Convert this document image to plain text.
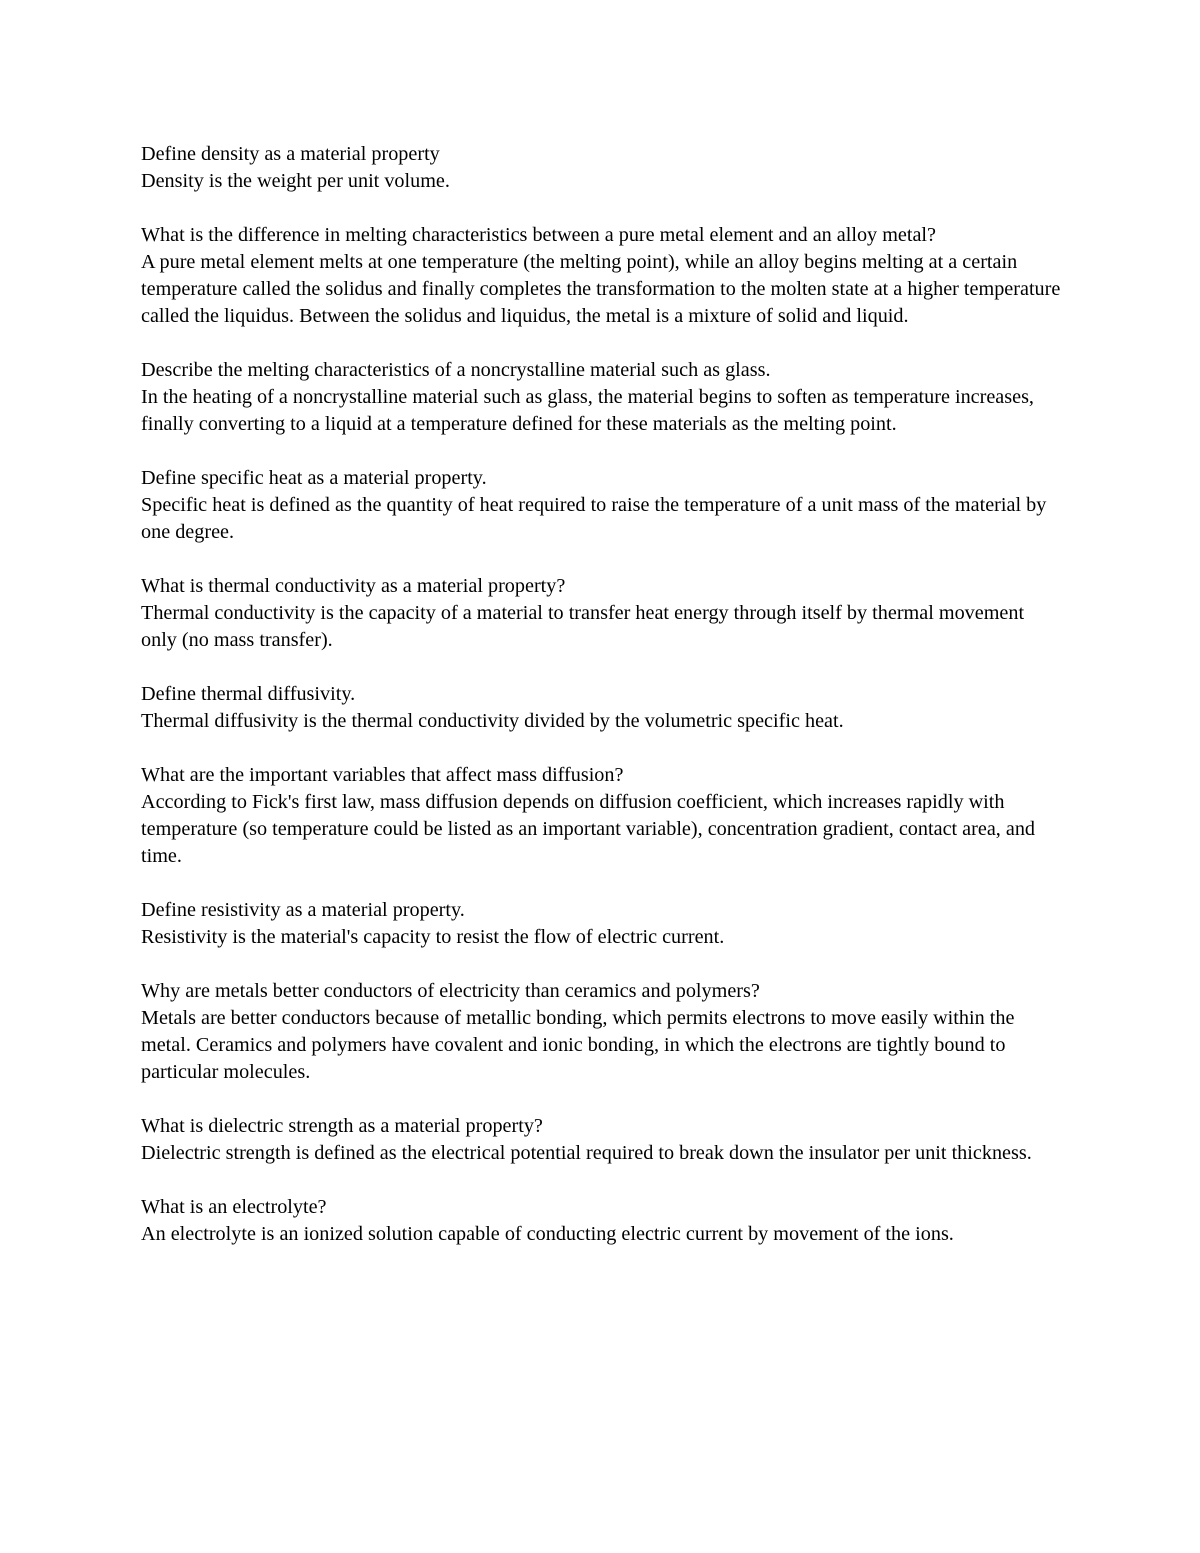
Define density as a material property

Density is the weight per unit volume.

What is the difference in melting characteristics between a pure metal element and an alloy metal?

A pure metal element melts at one temperature (the melting point), while an alloy begins melting at a certain temperature called the solidus and finally completes the transformation to the molten state at a higher temperature called the liquidus. Between the solidus and liquidus, the metal is a mixture of solid and liquid.

Describe the melting characteristics of a noncrystalline material such as glass.

In the heating of a noncrystalline material such as glass, the material begins to soften as temperature increases, finally converting to a liquid at a temperature defined for these materials as the melting point.

Define specific heat as a material property.

Specific heat is defined as the quantity of heat required to raise the temperature of a unit mass of the material by one degree.

What is thermal conductivity as a material property?

Thermal conductivity is the capacity of a material to transfer heat energy through itself by thermal movement only (no mass transfer).

Define thermal diffusivity.

Thermal diffusivity is the thermal conductivity divided by the volumetric specific heat.

What are the important variables that affect mass diffusion?

According to Fick's first law, mass diffusion depends on diffusion coefficient, which increases rapidly with temperature (so temperature could be listed as an important variable), concentration gradient, contact area, and time.

Define resistivity as a material property.

Resistivity is the material's capacity to resist the flow of electric current.

Why are metals better conductors of electricity than ceramics and polymers?

Metals are better conductors because of metallic bonding, which permits electrons to move easily within the metal. Ceramics and polymers have covalent and ionic bonding, in which the electrons are tightly bound to particular molecules.

What is dielectric strength as a material property?

Dielectric strength is defined as the electrical potential required to break down the insulator per unit thickness.

What is an electrolyte?

An electrolyte is an ionized solution capable of conducting electric current by movement of the ions.
